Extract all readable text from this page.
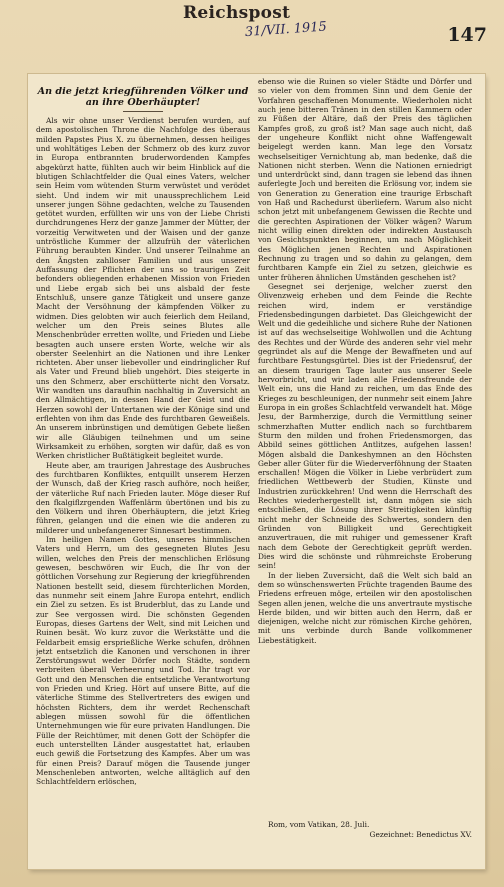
Reichspost
31/VII. 1915	147
An die jetzt kriegführenden Völker und an ihre Oberhäupter!

Als wir ohne unser Verdienst berufen wurden, auf dem apostolischen Throne die Nachfolge des überaus milden Papstes Pius X. zu übernehmen, dessen heiliges und wohltätiges Leben der Schmerz ob des kurz zuvor in Europa entbrannten bruderwordenden Kampfes abgekürzt hatte, fühlten auch wir beim Hinblick auf die blutigen Schlachtfelder die Qual eines Vaters, welcher sein Heim vom wütenden Sturm verwüstet und verödet sieht. Und indem wir mit unaussprechlichem Leid unserer jungen Söhne gedachten, welche zu Tausenden getötet wurden, erfüllten wir uns von der Liebe Christi durchdrungenes Herz der ganze Jammer der Mütter, der vorzeitig Verwitweten und der Waisen und der ganze untröstliche Kummer der allzufrüh der väterlichen Führung beraubten Kinder. Und unserer Teilnahme an den Ängsten zahlloser Familien und aus unserer Auffassung der Pflichten der uns so traurigen Zeit befonders obliegenden erhabenen Mission von Frieden und Liebe ergab sich bei uns alsbald der feste Entschluß, unsere ganze Tätigkeit und unsere ganze Macht der Versöhnung der kämpfenden Völker zu widmen. Dies gelobten wir auch feierlich dem Heiland, welcher um den Preis seines Blutes alle Menschenbrüder erretten wollte, und Frieden und Liebe besagten auch unsere ersten Worte, welche wir als oberster Seelenhirt an die Nationen und ihre Lenker richteten. Aber unser liebevoller und eindringlicher Ruf als Vater und Freund blieb ungehört. Dies steigerte in uns den Schmerz, aber erschütterte nicht den Vorsatz. Wir wandten uns daraufhin nachhaltig in Zuversicht an den Allmächtigen, in dessen Hand der Geist und die Herzen sowohl der Untertanen wie der Könige sind und erflehten von ihm das Ende des furchtbaren Geweißels. An unserem inbrünstigen und demütigen Gebete ließen wir alle Gläubigen teilnehmen und um seine Wirksamkeit zu erhöhen, sorgten wir dafür, daß es von Werken christlicher Bußtätigkeit begleitet wurde.

Heute aber, am traurigen Jahrestage des Ausbruches des furchtbaren Konfliktes, entquillt unserem Herzen der Wunsch, daß der Krieg rasch aufhöre, noch heißer, der väterliche Ruf nach Frieden lauter. Möge dieser Ruf den fkalgiflzrgenden Waffenlärm übertönen und bis zu den Völkern und ihren Oberhäuptern, die jetzt Krieg führen, gelangen und die einen wie die anderen zu milderer und unbefangenerer Sinnesart bestimmen.

Im heiligen Namen Gottes, unseres himmlischen Vaters und Herrn, um des gesegneten Blutes Jesu willen, welches den Preis der menschlichen Erlösung gewesen, beschwören wir Euch, die Ihr von der göttlichen Vorsehung zur Regierung der kriegführenden Nationen bestellt seid, diesem fürchterlichen Morden, das nunmehr seit einem Jahre Europa entehrt, endlich ein Ziel zu setzen. Es ist Bruderblut, das zu Lande und zur See vergossen wird. Die schönsten Gegenden Europas, dieses Gartens der Welt, sind mit Leichen und Ruinen besät. Wo kurz zuvor die Werkstätte und die Feldarbeit emsig ersprießliche Werke schufen, dröhnen jetzt entsetzlich die Kanonen und verschonen in ihrer Zerstörungswut weder Dörfer noch Städte, sondern verbreiten überall Verheerung und Tod. Ihr tragt vor Gott und den Menschen die entsetzliche Verantwortung von Frieden und Krieg. Hört auf unsere Bitte, auf die väterliche Stimme des Stellvertreters des ewigen und höchsten Richters, dem ihr werdet Rechenschaft ablegen müssen sowohl für die öffentlichen Unternehmungen wie für eure privaten Handlungen. Die Fülle der Reichtümer, mit denen Gott der Schöpfer die euch unterstellten Länder ausgestattet hat, erlauben euch gewiß die Fortsetzung des Kampfes. Aber um was für einen Preis? Darauf mögen die Tausende junger Menschenleben antworten, welche alltäglich auf den Schlachtfeldern erlöschen,

ebenso wie die Ruinen so vieler Städte und Dörfer und so vieler von dem frommen Sinn und dem Genie der Vorfahren geschaffenen Monumente. Wiederholen nicht auch jene bitteren Tränen in den stillen Kammern oder zu Füßen der Altäre, daß der Preis des täglichen Kampfes groß, zu groß ist? Man sage auch nicht, daß der ungeheure Konflikt nicht ohne Waffengewalt beigelegt werden kann. Man lege den Vorsatz wechselseitiger Vernichtung ab, man bedenke, daß die Nationen nicht sterben. Wenn die Nationen erniedrigt und unterdrückt sind, dann tragen sie lebend das ihnen auferlegte Joch und bereiten die Erlösung vor, indem sie von Generation zu Generation eine traurige Erbschaft von Haß und Rachedurst überliefern. Warum also nicht schon jetzt mit unbefangenem Gewissen die Rechte und die gerechten Aspirationen der Völker wägen? Warum nicht willig einen direkten oder indirekten Austausch von Gesichtspunkten beginnen, um nach Möglichkeit des Möglichen jenen Rechten und Aspirationen Rechnung zu tragen und so dahin zu gelangen, dem furchtbaren Kampfe ein Ziel zu setzen, gleichwie es unter früheren ähnlichen Umständen geschehen ist?

Gesegnet sei derjenige, welcher zuerst den Olivenzweig erheben und dem Feinde die Rechte reichen wird, indem er verständige Friedensbedingungen darbietet. Das Gleichgewicht der Welt und die gedeihliche und sichere Ruhe der Nationen ist auf das wechselseitige Wohlwollen und die Achtung des Rechtes und der Würde des anderen sehr viel mehr gegründet als auf die Menge der Bewaffneten und auf furchtbare Festungsgürtel. Dies ist der Friedensruf, der an diesem traurigen Tage lauter aus unserer Seele hervorbricht, und wir laden alle Friedensfreunde der Welt ein, uns die Hand zu reichen, um das Ende des Krieges zu beschleunigen, der nunmehr seit einem Jahre Europa in ein großes Schlachtfeld verwandelt hat. Möge Jesu, der Barmherzige, durch die Vermittlung seiner schmerzhaften Mutter endlich nach so furchtbarem Sturm den milden und frohen Friedensmorgen, das Abbild seines göttlichen Antlitzes, aufgehen lassen! Mögen alsbald die Dankeshymnen an den Höchsten Geber aller Güter für die Wiederverföhnung der Staaten erschallen! Mögen die Völker in Liebe verbrüdert zum friedlichen Wettbewerb der Studien, Künste und Industrien zurückkehren! Und wenn die Herrschaft des Rechtes wiederhergestellt ist, dann mögen sie sich entschließen, die Lösung ihrer Streitigkeiten künftig nicht mehr der Schneide des Schwertes, sondern den Gründen von Billigkeit und Gerechtigkeit anzuvertrauen, die mit ruhiger und gemessener Kraft nach dem Gebote der Gerechtigkeit geprüft werden. Dies wird die schönste und rühmreichste Eroberung sein!

In der lieben Zuversicht, daß die Welt sich bald an dem so wünschenswerten Früchte tragenden Baume des Friedens erfreuen möge, erteilen wir den apostolischen Segen allen jenen, welche die uns anvertraute mystische Herde bilden, und wir bitten auch den Herrn, daß er diejenigen, welche nicht zur römischen Kirche gehören, mit uns verbinde durch Bande vollkommener Liebestätigkeit.

Rom, vom Vatikan, 28. Juli.
Gezeichnet: Benedictus XV.
